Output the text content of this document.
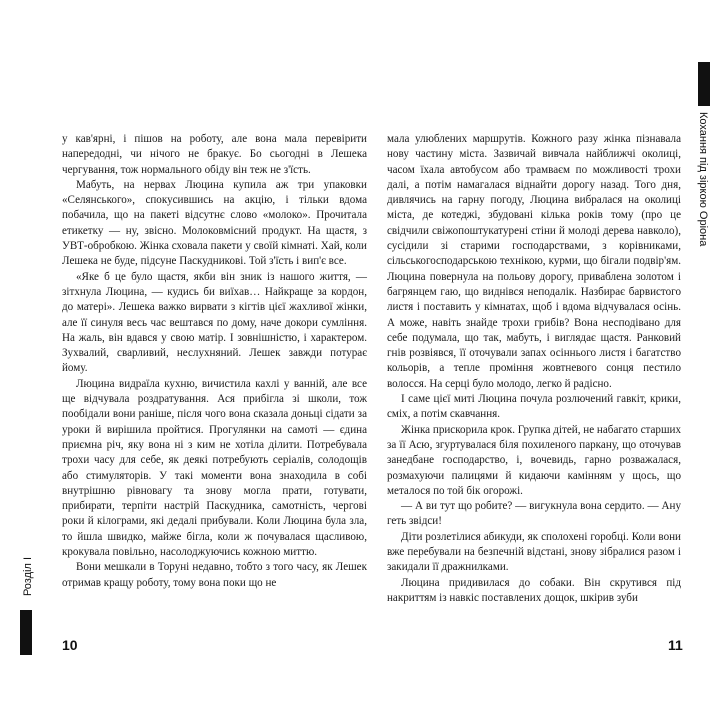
у кав'ярні, і пішов на роботу, але вона мала перевірити напередодні, чи нічого не бракує. Бо сьогодні в Лешека чергування, тож нормального обіду він теж не з'їсть.

Мабуть, на нервах Люцина купила аж три упаковки «Селянського», спокусившись на акцію, і тільки вдома побачила, що на пакеті відсутнє слово «молоко». Прочитала етикетку — ну, звісно. Молоковмісний продукт. На щастя, з УВТ-обробкою. Жінка сховала пакети у своїй кімнаті. Хай, коли Лешека не буде, підсуне Паскудникові. Той з'їсть і вип'є все.

«Яке б це було щастя, якби він зник із нашого життя, — зітхнула Люцина, — кудись би виїхав… Найкраще за кордон, до матері». Лешека важко вирвати з кігтів цієї жахливої жінки, але її синуля весь час вештався по дому, наче докори сумління. На жаль, він вдався у свою матір. І зовнішністю, і характером. Зухвалий, сварливий, неслухняний. Лешек завжди потурає йому.

Люцина видраїла кухню, вичистила кахлі у ванній, але все ще відчувала роздратування. Ася прибігла зі школи, тож пообідали вони раніше, після чого вона сказала доньці сідати за уроки й вирішила пройтися. Прогулянки на самоті — єдина приємна річ, яку вона ні з ким не хотіла ділити. Потребувала трохи часу для себе, як деякі потребують серіалів, солодощів або стимуляторів. У такі моменти вона знаходила в собі внутрішню рівновагу та знову могла прати, готувати, прибирати, терпіти настрій Паскудника, самотність, чергові роки й кілограми, які дедалі прибували. Коли Люцина була зла, то йшла швидко, майже бігла, коли ж почувалася щасливою, крокувала повільно, насолоджуючись кожною миттю.

Вони мешкали в Toруні недавно, тобто з того часу, як Лешек отримав кращу роботу, тому вона поки що не

мала улюблених маршрутів. Кожного разу жінка пізнавала нову частину міста. Зазвичай вивчала найближчі околиці, часом їхала автобусом або трамваєм по можливості трохи далі, а потім намагалася віднайти дорогу назад. Того дня, дивлячись на гарну погоду, Люцина вибралася на околиці міста, де котеджі, збудовані кілька років тому (про це свідчили свіжопоштукатурені стіни й молоді дерева навколо), сусідили зі старими господарствами, з корівниками, сільськогосподарською технікою, курми, що бігали подвір'ям. Люцина повернула на польову дорогу, приваблена золотом і багрянцем гаю, що виднівся неподалік. Назбирає барвистого листя і поставить у кімнатах, щоб і вдома відчувалася осінь. А може, навіть знайде трохи грибів? Вона несподівано для себе подумала, що так, мабуть, і виглядає щастя. Ранковий гнів розвіявся, її оточували запах осіннього листя і багатство кольорів, а тепле проміння жовтневого сонця пестило волосся. На серці було молодо, легко й радісно.

І саме цієї миті Люцина почула розлючений гавкіт, крики, сміх, а потім скавчання.

Жінка прискорила крок. Групка дітей, не набагато старших за її Асю, згуртувалася біля похиленого паркану, що оточував занедбане господарство, і, вочевидь, гарно розважалася, розмахуючи палицями й кидаючи камінням у щось, що металося по той бік огорожі.

— А ви тут що робите? — вигукнула вона сердито. — Ану геть звідси!

Діти розлетілися абикуди, як сполохені горобці. Коли вони вже перебували на безпечній відстані, знову зібралися разом і закидали її дражнилками.

Люцина придивилася до собаки. Він скрутився під накриттям із навкіс поставлених дощок, шкірив зуби

10	11
Кохання під зіркою Оріона
Розділ I
